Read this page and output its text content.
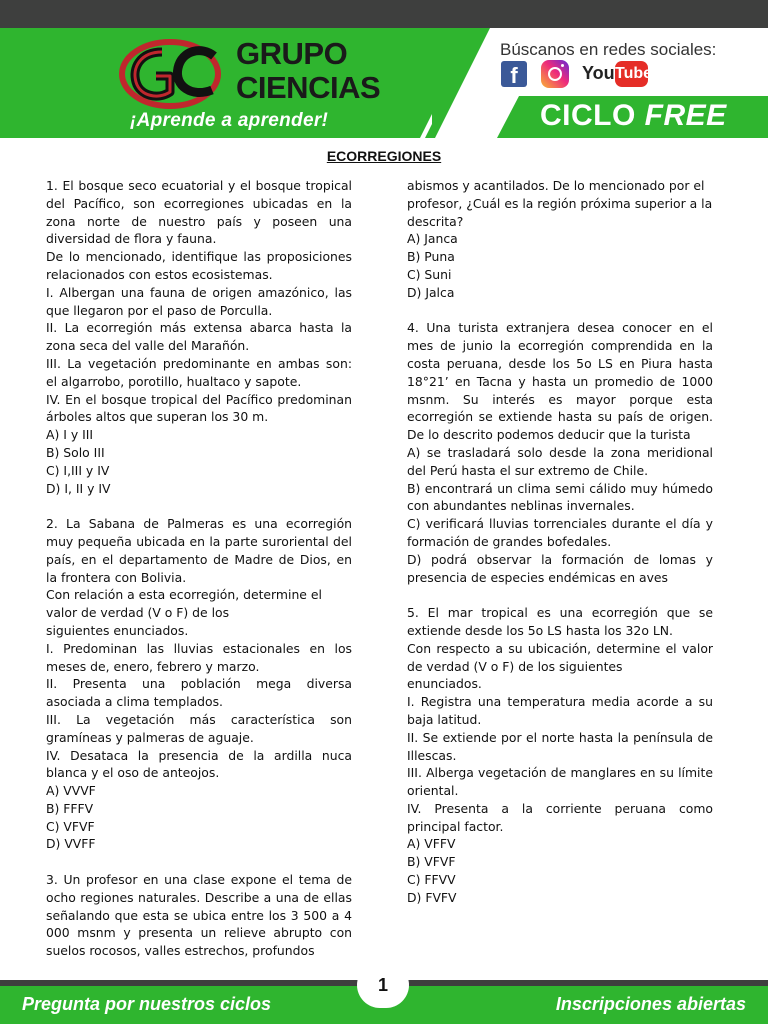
GRUPO
CIENCIAS
¡Aprende a aprender!
Búscanos en redes sociales:
f	You Tube
CICLO FREE
ECORREGIONES

1. El bosque seco ecuatorial y el bosque tropical del Pacífico, son ecorregiones ubicadas en la zona norte de nuestro país y poseen una diversidad de flora y fauna.

De lo mencionado, identifique las proposiciones relacionados con estos ecosistemas.

I. Albergan una fauna de origen amazónico, las que llegaron por el paso de Porculla.

II. La ecorregión más extensa abarca hasta la zona seca del valle del Marañón.

III. La vegetación predominante en ambas son: el algarrobo, porotillo, hualtaco y sapote.

IV. En el bosque tropical del Pacífico predominan árboles altos que superan los 30 m.

A) I y III

B) Solo III

C) I,III y IV

D) I, II y IV

2. La Sabana de Palmeras es una ecorregión muy pequeña ubicada en la parte suroriental del país, en el departamento de Madre de Dios, en la frontera con Bolivia.

Con relación a esta ecorregión, determine el valor de verdad (V o F) de los

siguientes enunciados.

I. Predominan las lluvias estacionales en los meses de, enero, febrero y marzo.

II. Presenta una población mega diversa asociada a clima templados.

III. La vegetación más característica son gramíneas y palmeras de aguaje.

IV. Desataca la presencia de la ardilla nuca blanca y el oso de anteojos.

A) VVVF

B) FFFV

C) VFVF

D) VVFF

3. Un profesor en una clase expone el tema de ocho regiones naturales. Describe a una de ellas señalando que esta se ubica entre los 3 500 a 4 000 msnm y presenta un relieve abrupto con suelos rocosos, valles estrechos, profundos

abismos y acantilados. De lo mencionado por el profesor, ¿Cuál es la región próxima superior a la descrita?

A) Janca

B) Puna

C) Suni

D) Jalca

4. Una turista extranjera desea conocer en el mes de junio la ecorregión comprendida en la costa peruana, desde los 5o LS en Piura hasta 18°21’ en Tacna y hasta un promedio de 1000 msnm. Su interés es mayor porque esta ecorregión se extiende hasta su país de origen. De lo descrito podemos deducir que la turista

A) se trasladará solo desde la zona meridional del Perú hasta el sur extremo de Chile.

B) encontrará un clima semi cálido muy húmedo con abundantes neblinas invernales.

C) verificará lluvias torrenciales durante el día y formación de grandes bofedales.

D) podrá observar la formación de lomas y presencia de especies endémicas en aves

5. El mar tropical es una ecorregión que se extiende desde los 5o LS hasta los 32o LN.

Con respecto a su ubicación, determine el valor de verdad (V o F) de los siguientes

enunciados.

I. Registra una temperatura media acorde a su baja latitud.

II. Se extiende por el norte hasta la península de Illescas.

III. Alberga vegetación de manglares en su límite oriental.

IV. Presenta a la corriente peruana como principal factor.

A) VFFV

B) VFVF

C) FFVV

D) FVFV

Pregunta por nuestros ciclos
1
Inscripciones abiertas
